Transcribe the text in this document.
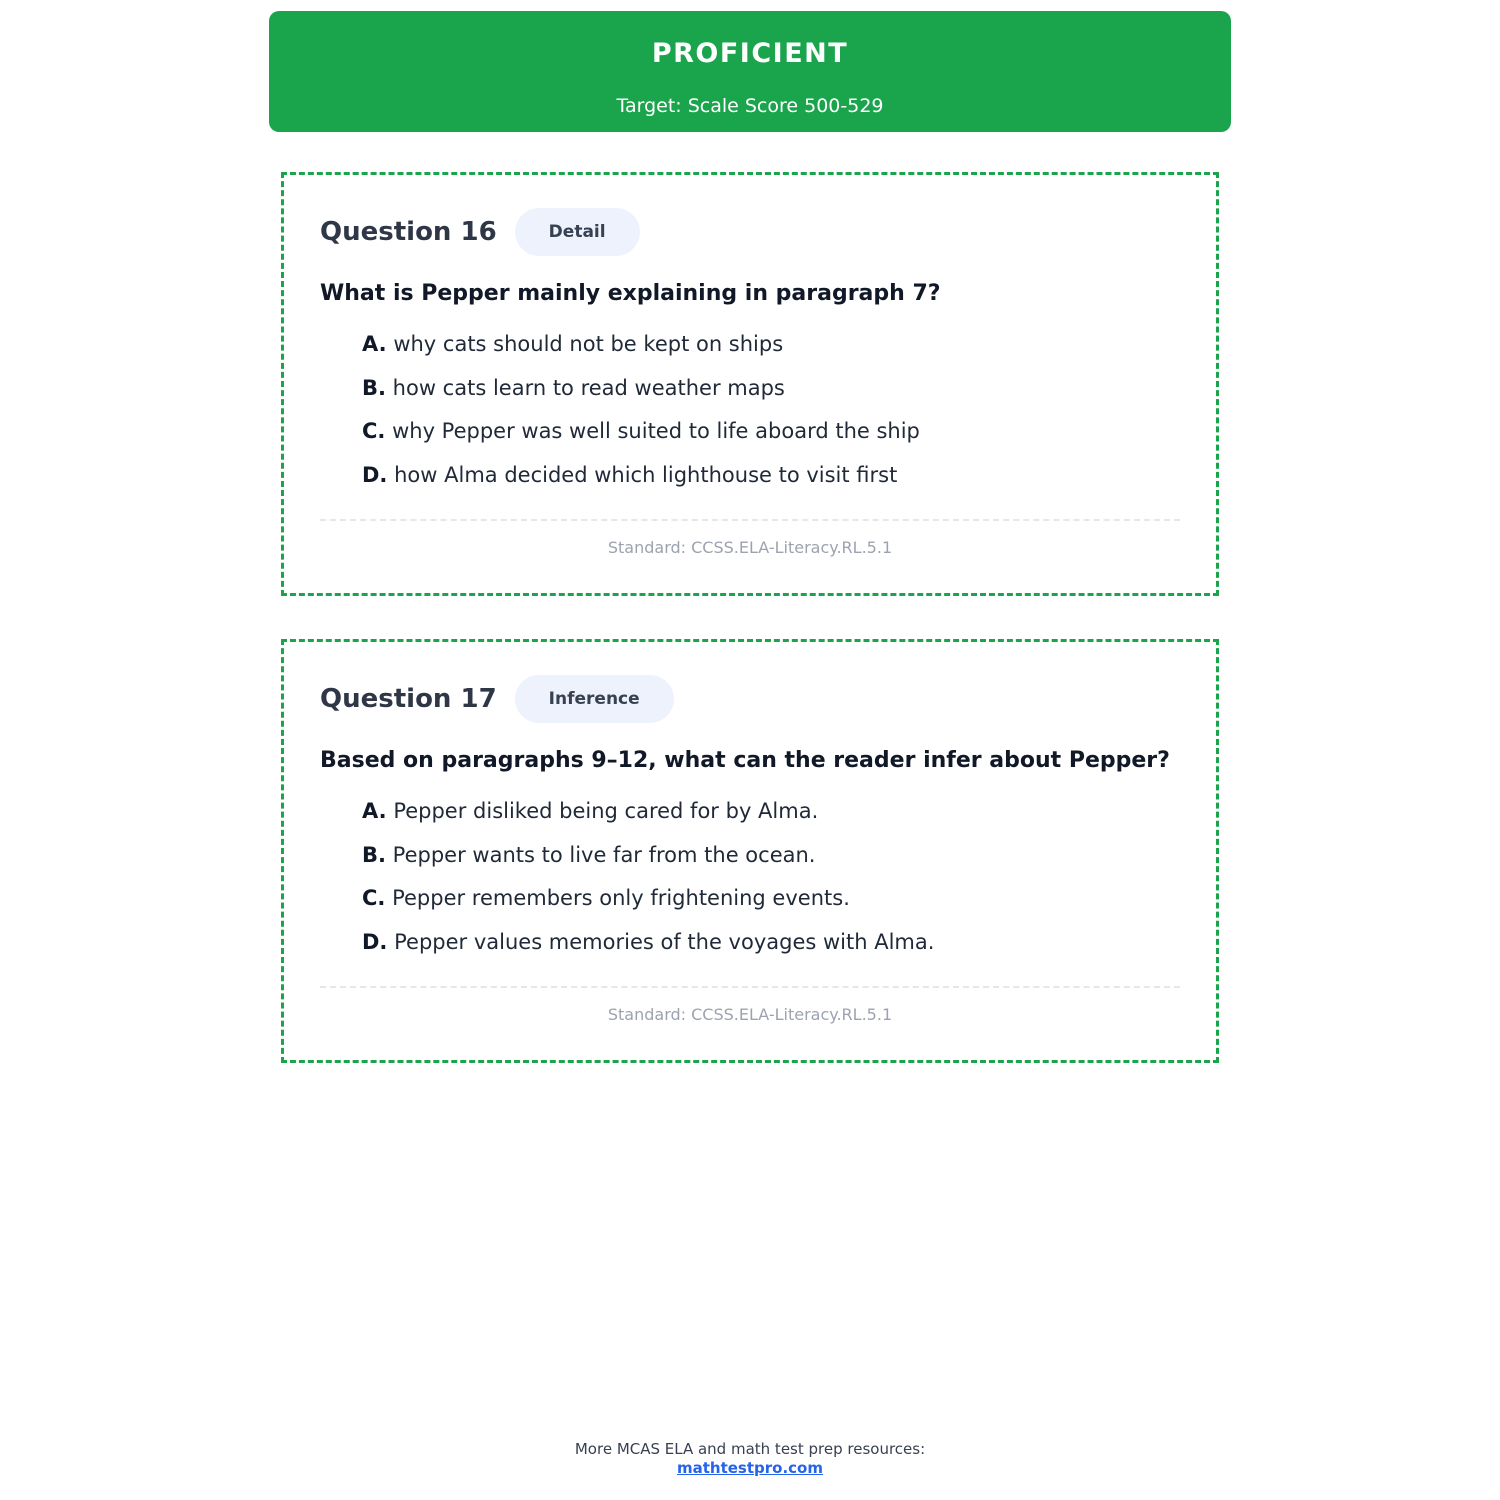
PROFICIENT
Target: Scale Score 500-529
Question 16	Detail
What is Pepper mainly explaining in paragraph 7?
A. why cats should not be kept on ships
B. how cats learn to read weather maps
C. why Pepper was well suited to life aboard the ship
D. how Alma decided which lighthouse to visit first
Standard: CCSS.ELA-Literacy.RL.5.1
Question 17	Inference
Based on paragraphs 9–12, what can the reader infer about Pepper?
A. Pepper disliked being cared for by Alma.
B. Pepper wants to live far from the ocean.
C. Pepper remembers only frightening events.
D. Pepper values memories of the voyages with Alma.
Standard: CCSS.ELA-Literacy.RL.5.1
More MCAS ELA and math test prep resources:
mathtestpro.com
